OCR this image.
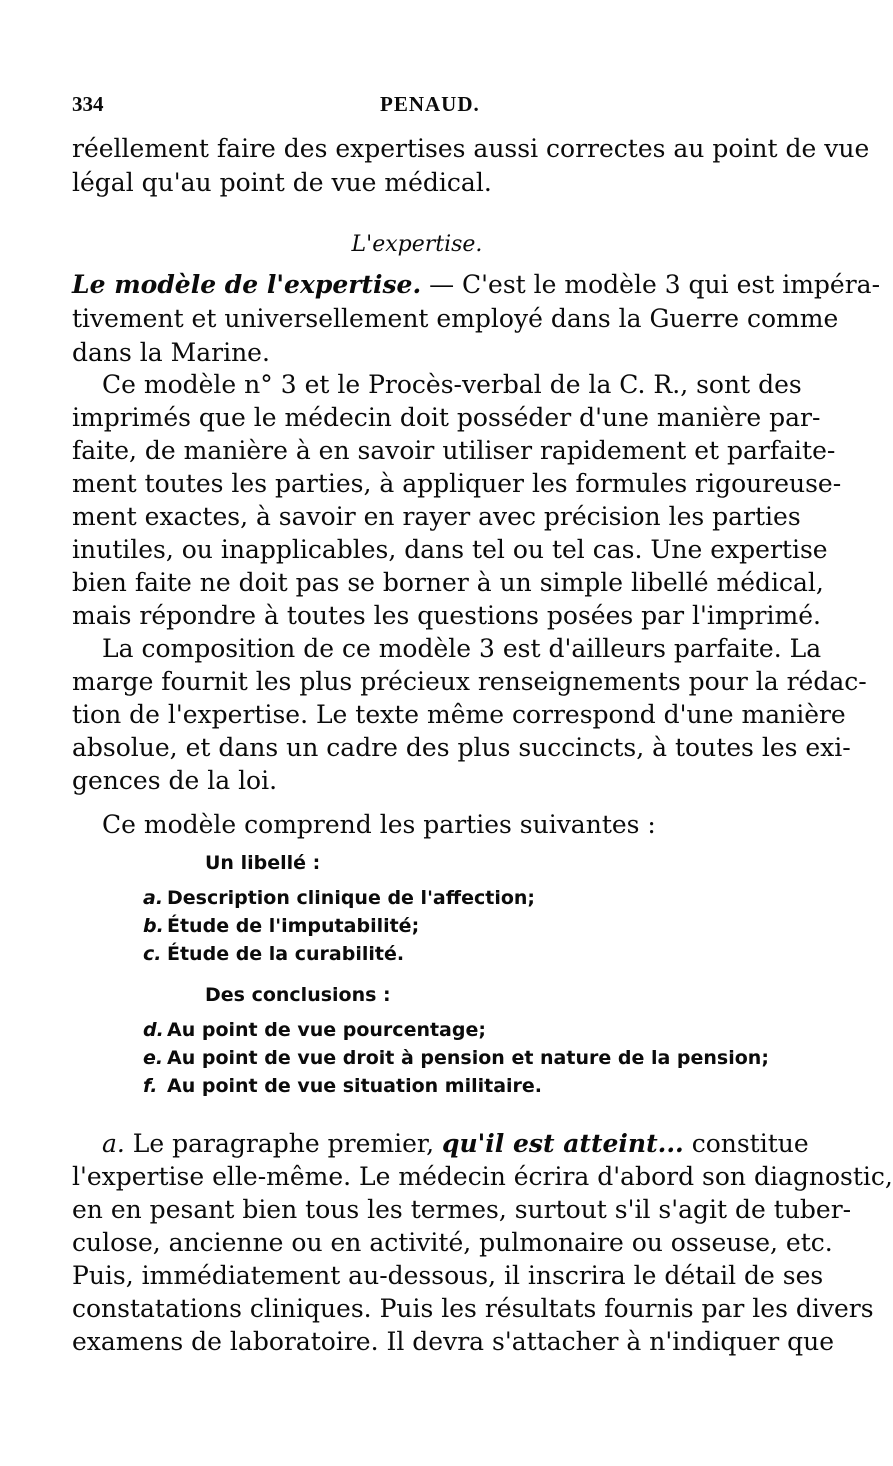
334	PENAUD.
réellement faire des expertises aussi correctes au point de vue
légal qu'au point de vue médical.
L'expertise.
Le modèle de l'expertise. — C'est le modèle 3 qui est impéra-
tivement et universellement employé dans la Guerre comme
dans la Marine.
Ce modèle n° 3 et le Procès-verbal de la C. R., sont des
imprimés que le médecin doit posséder d'une manière par-
faite, de manière à en savoir utiliser rapidement et parfaite-
ment toutes les parties, à appliquer les formules rigoureuse-
ment exactes, à savoir en rayer avec précision les parties
inutiles, ou inapplicables, dans tel ou tel cas. Une expertise
bien faite ne doit pas se borner à un simple libellé médical,
mais répondre à toutes les questions posées par l'imprimé.
La composition de ce modèle 3 est d'ailleurs parfaite. La
marge fournit les plus précieux renseignements pour la rédac-
tion de l'expertise. Le texte même correspond d'une manière
absolue, et dans un cadre des plus succincts, à toutes les exi-
gences de la loi.
Ce modèle comprend les parties suivantes :
Un libellé :
a. Description clinique de l'affection;
b. Étude de l'imputabilité;
c. Étude de la curabilité.
Des conclusions :
d. Au point de vue pourcentage;
e. Au point de vue droit à pension et nature de la pension;
f. Au point de vue situation militaire.
a. Le paragraphe premier, qu'il est atteint... constitue
l'expertise elle-même. Le médecin écrira d'abord son diagnostic,
en en pesant bien tous les termes, surtout s'il s'agit de tuber-
culose, ancienne ou en activité, pulmonaire ou osseuse, etc.
Puis, immédiatement au-dessous, il inscrira le détail de ses
constatations cliniques. Puis les résultats fournis par les divers
examens de laboratoire. Il devra s'attacher à n'indiquer que
